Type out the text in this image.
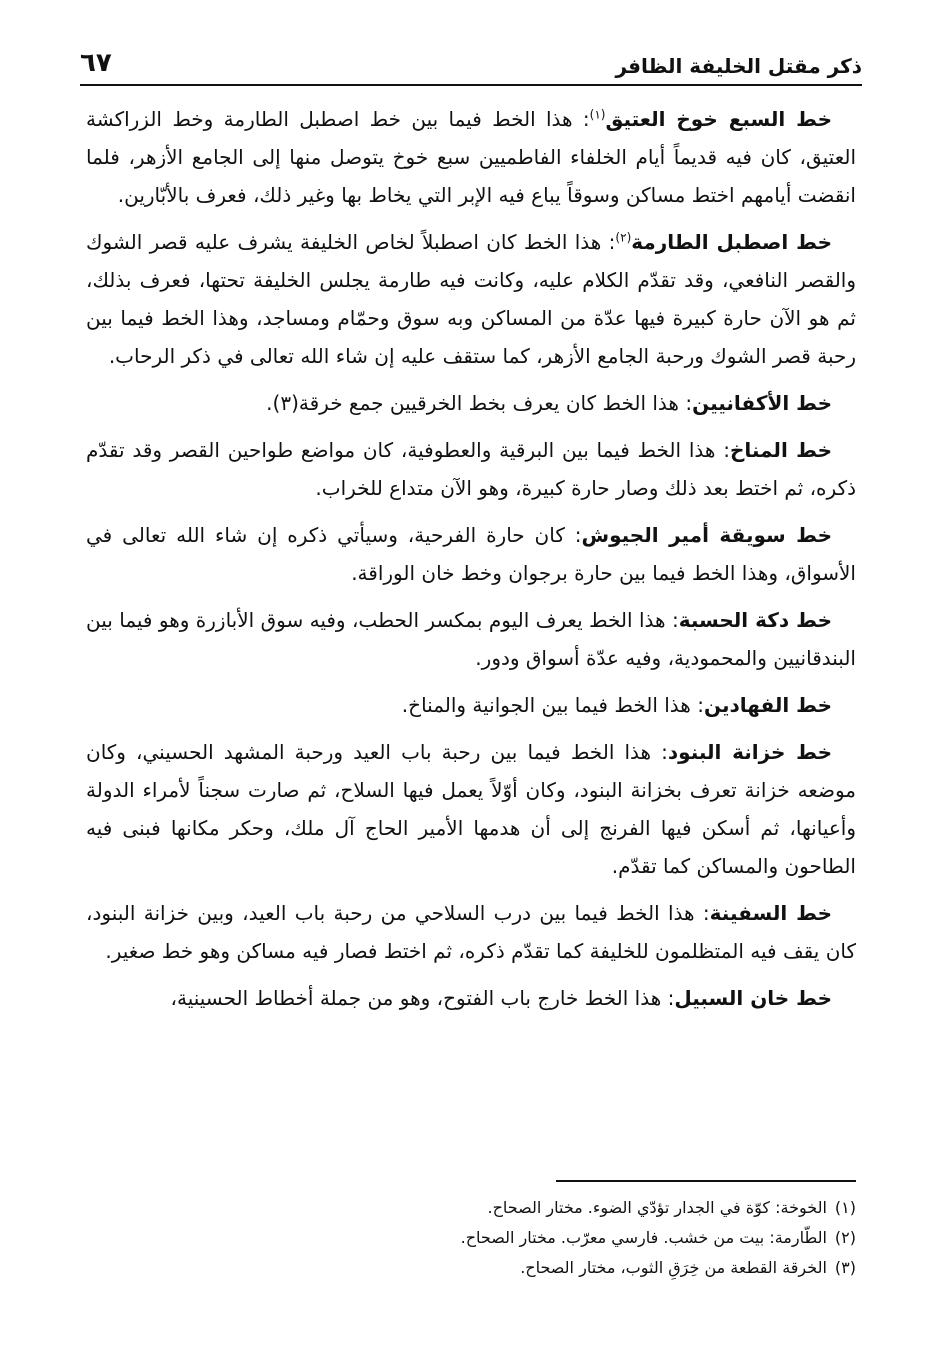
ذكر مقتل الخليفة الظافر
٦٧

خط السبع خوخ العتيق$^{(١)}$: هذا الخط فيما بين خط اصطبل الطارمة وخط الزراكشة العتيق، كان فيه قديماً أيام الخلفاء الفاطميين سبع خوخ يتوصل منها إلى الجامع الأزهر، فلما انقضت أيامهم اختط مساكن وسوقاً يباع فيه الإبر التي يخاط بها وغير ذلك، فعرف بالأبّارين.

خط اصطبل الطارمة$^{(٢)}$: هذا الخط كان اصطبلاً لخاص الخليفة يشرف عليه قصر الشوك والقصر النافعي، وقد تقدّم الكلام عليه، وكانت فيه طارمة يجلس الخليفة تحتها، فعرف بذلك، ثم هو الآن حارة كبيرة فيها عدّة من المساكن وبه سوق وحمّام ومساجد، وهذا الخط فيما بين رحبة قصر الشوك ورحبة الجامع الأزهر، كما ستقف عليه إن شاء الله تعالى في ذكر الرحاب.

خط الأكفانيين: هذا الخط كان يعرف بخط الخرقيين جمع خرقة(٣).

خط المناخ: هذا الخط فيما بين البرقية والعطوفية، كان مواضع طواحين القصر وقد تقدّم ذكره، ثم اختط بعد ذلك وصار حارة كبيرة، وهو الآن متداع للخراب.

خط سويقة أمير الجيوش: كان حارة الفرحية، وسيأتي ذكره إن شاء الله تعالى في الأسواق، وهذا الخط فيما بين حارة برجوان وخط خان الوراقة.

خط دكة الحسبة: هذا الخط يعرف اليوم بمكسر الحطب، وفيه سوق الأبازرة وهو فيما بين البندقانيين والمحمودية، وفيه عدّة أسواق ودور.

خط الفهادين: هذا الخط فيما بين الجوانية والمناخ.

خط خزانة البنود: هذا الخط فيما بين رحبة باب العيد ورحبة المشهد الحسيني، وكان موضعه خزانة تعرف بخزانة البنود، وكان أوّلاً يعمل فيها السلاح، ثم صارت سجناً لأمراء الدولة وأعيانها، ثم أسكن فيها الفرنج إلى أن هدمها الأمير الحاج آل ملك، وحكر مكانها فبنى فيه الطاحون والمساكن كما تقدّم.

خط السفينة: هذا الخط فيما بين درب السلاحي من رحبة باب العيد، وبين خزانة البنود، كان يقف فيه المتظلمون للخليفة كما تقدّم ذكره، ثم اختط فصار فيه مساكن وهو خط صغير.

خط خان السبيل: هذا الخط خارج باب الفتوح، وهو من جملة أخطاط الحسينية،

(١)
الخوخة: كوّة في الجدار تؤدّي الضوء. مختار الصحاح.
(٢)
الطّارمة: بيت من خشب. فارسي معرّب. مختار الصحاح.
(٣)
الخرقة القطعة من خِرَقِ الثوب، مختار الصحاح.
